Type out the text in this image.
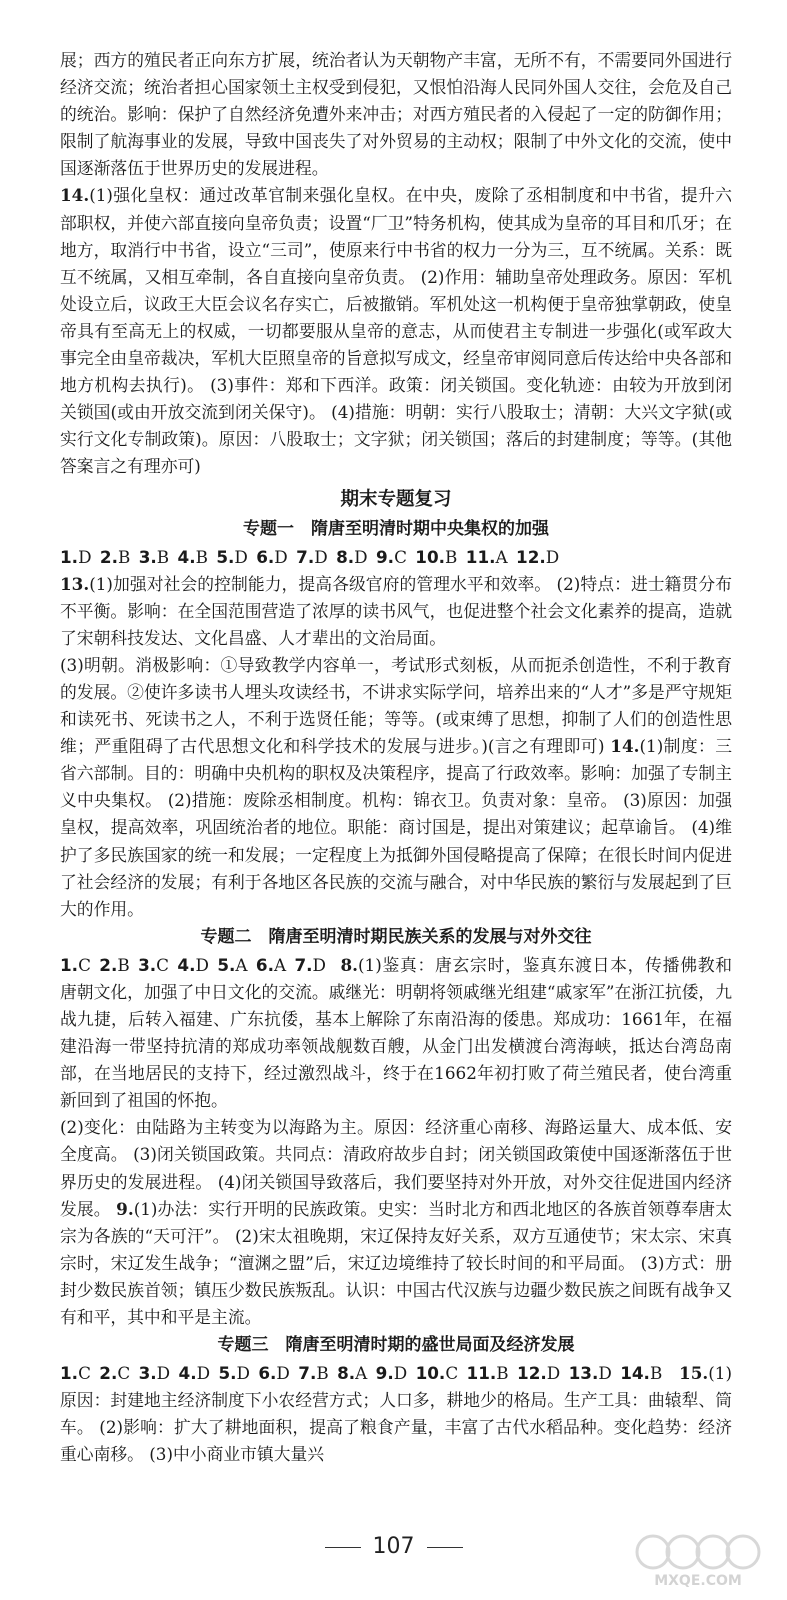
展；西方的殖民者正向东方扩展，统治者认为天朝物产丰富，无所不有，不需要同外国进行经济交流；统治者担心国家领土主权受到侵犯，又恨怕沿海人民同外国人交往，会危及自己的统治。影响：保护了自然经济免遭外来冲击；对西方殖民者的入侵起了一定的防御作用；限制了航海事业的发展，导致中国丧失了对外贸易的主动权；限制了中外文化的交流，使中国逐渐落伍于世界历史的发展进程。

14.(1)强化皇权：通过改革官制来强化皇权。在中央，废除了丞相制度和中书省，提升六部职权，并使六部直接向皇帝负责；设置“厂卫”特务机构，使其成为皇帝的耳目和爪牙；在地方，取消行中书省，设立“三司”，使原来行中书省的权力一分为三，互不统属。关系：既互不统属，又相互牵制，各自直接向皇帝负责。 (2)作用：辅助皇帝处理政务。原因：军机处设立后，议政王大臣会议名存实亡，后被撤销。军机处这一机构便于皇帝独掌朝政，使皇帝具有至高无上的权威，一切都要服从皇帝的意志，从而使君主专制进一步强化(或军政大事完全由皇帝裁决，军机大臣照皇帝的旨意拟写成文，经皇帝审阅同意后传达给中央各部和地方机构去执行)。 (3)事件：郑和下西洋。政策：闭关锁国。变化轨迹：由较为开放到闭关锁国(或由开放交流到闭关保守)。 (4)措施：明朝：实行八股取士；清朝：大兴文字狱(或实行文化专制政策)。原因：八股取士；文字狱；闭关锁国；落后的封建制度；等等。(其他答案言之有理亦可)

期末专题复习
专题一　隋唐至明清时期中央集权的加强

1.D 2.B 3.B 4.B 5.D 6.D 7.D 8.D 9.C 10.B 11.A 12.D 

13.(1)加强对社会的控制能力，提高各级官府的管理水平和效率。 (2)特点：进士籍贯分布不平衡。影响：在全国范围营造了浓厚的读书风气，也促进整个社会文化素养的提高，造就了宋朝科技发达、文化昌盛、人才辈出的文治局面。

(3)明朝。消极影响：①导致教学内容单一，考试形式刻板，从而扼杀创造性，不利于教育的发展。②使许多读书人埋头攻读经书，不讲求实际学问，培养出来的“人才”多是严守规矩和读死书、死读书之人，不利于选贤任能；等等。(或束缚了思想，抑制了人们的创造性思维；严重阻碍了古代思想文化和科学技术的发展与进步。)(言之有理即可) 14.(1)制度：三省六部制。目的：明确中央机构的职权及决策程序，提高了行政效率。影响：加强了专制主义中央集权。 (2)措施：废除丞相制度。机构：锦衣卫。负责对象：皇帝。 (3)原因：加强皇权，提高效率，巩固统治者的地位。职能：商讨国是，提出对策建议；起草谕旨。 (4)维护了多民族国家的统一和发展；一定程度上为抵御外国侵略提高了保障；在很长时间内促进了社会经济的发展；有利于各地区各民族的交流与融合，对中华民族的繁衍与发展起到了巨大的作用。

专题二　隋唐至明清时期民族关系的发展与对外交往

1.C 2.B 3.C 4.D 5.A 6.A 7.D  8.(1)鉴真：唐玄宗时，鉴真东渡日本，传播佛教和唐朝文化，加强了中日文化的交流。戚继光：明朝将领戚继光组建“戚家军”在浙江抗倭，九战九捷，后转入福建、广东抗倭，基本上解除了东南沿海的倭患。郑成功：1661年，在福建沿海一带坚持抗清的郑成功率领战舰数百艘，从金门出发横渡台湾海峡，抵达台湾岛南部，在当地居民的支持下，经过激烈战斗，终于在1662年初打败了荷兰殖民者，使台湾重新回到了祖国的怀抱。

(2)变化：由陆路为主转变为以海路为主。原因：经济重心南移、海路运量大、成本低、安全度高。 (3)闭关锁国政策。共同点：清政府故步自封；闭关锁国政策使中国逐渐落伍于世界历史的发展进程。 (4)闭关锁国导致落后，我们要坚持对外开放，对外交往促进国内经济发展。 9.(1)办法：实行开明的民族政策。史实：当时北方和西北地区的各族首领尊奉唐太宗为各族的“天可汗”。 (2)宋太祖晚期，宋辽保持友好关系，双方互通使节；宋太宗、宋真宗时，宋辽发生战争；“澶渊之盟”后，宋辽边境维持了较长时间的和平局面。 (3)方式：册封少数民族首领；镇压少数民族叛乱。认识：中国古代汉族与边疆少数民族之间既有战争又有和平，其中和平是主流。

专题三　隋唐至明清时期的盛世局面及经济发展

1.C 2.C 3.D 4.D 5.D 6.D 7.B 8.A 9.D 10.C 11.B 12.D 13.D 14.B  15.(1)原因：封建地主经济制度下小农经营方式；人口多，耕地少的格局。生产工具：曲辕犁、筒车。 (2)影响：扩大了耕地面积，提高了粮食产量，丰富了古代水稻品种。变化趋势：经济重心南移。 (3)中小商业市镇大量兴

107
MXQE.COM
